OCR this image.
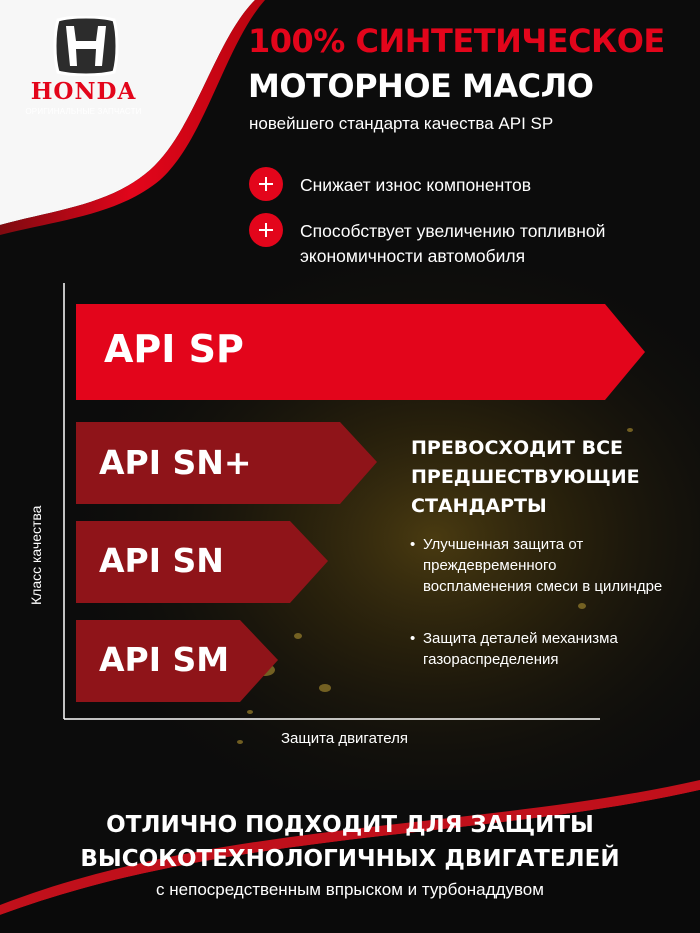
HONDA
ОРИГИНАЛЬНЫЕ ЗАПЧАСТИ
100% СИНТЕТИЧЕСКОЕ
МОТОРНОЕ МАСЛО
новейшего стандарта качества API SP
Снижает износ компонентов
Способствует увеличению топливной
экономичности автомобиля
Класс качества
Защита двигателя
API SP
API SN+
API SN
API SM
ПРЕВОСХОДИТ ВСЕ
ПРЕДШЕСТВУЮЩИЕ
СТАНДАРТЫ
• Улучшенная защита от преждевременного воспламенения смеси в цилиндре
• Защита деталей механизма газораспределения
ОТЛИЧНО ПОДХОДИТ ДЛЯ ЗАЩИТЫ
ВЫСОКОТЕХНОЛОГИЧНЫХ ДВИГАТЕЛЕЙ
с непосредственным впрыском и турбонаддувом
